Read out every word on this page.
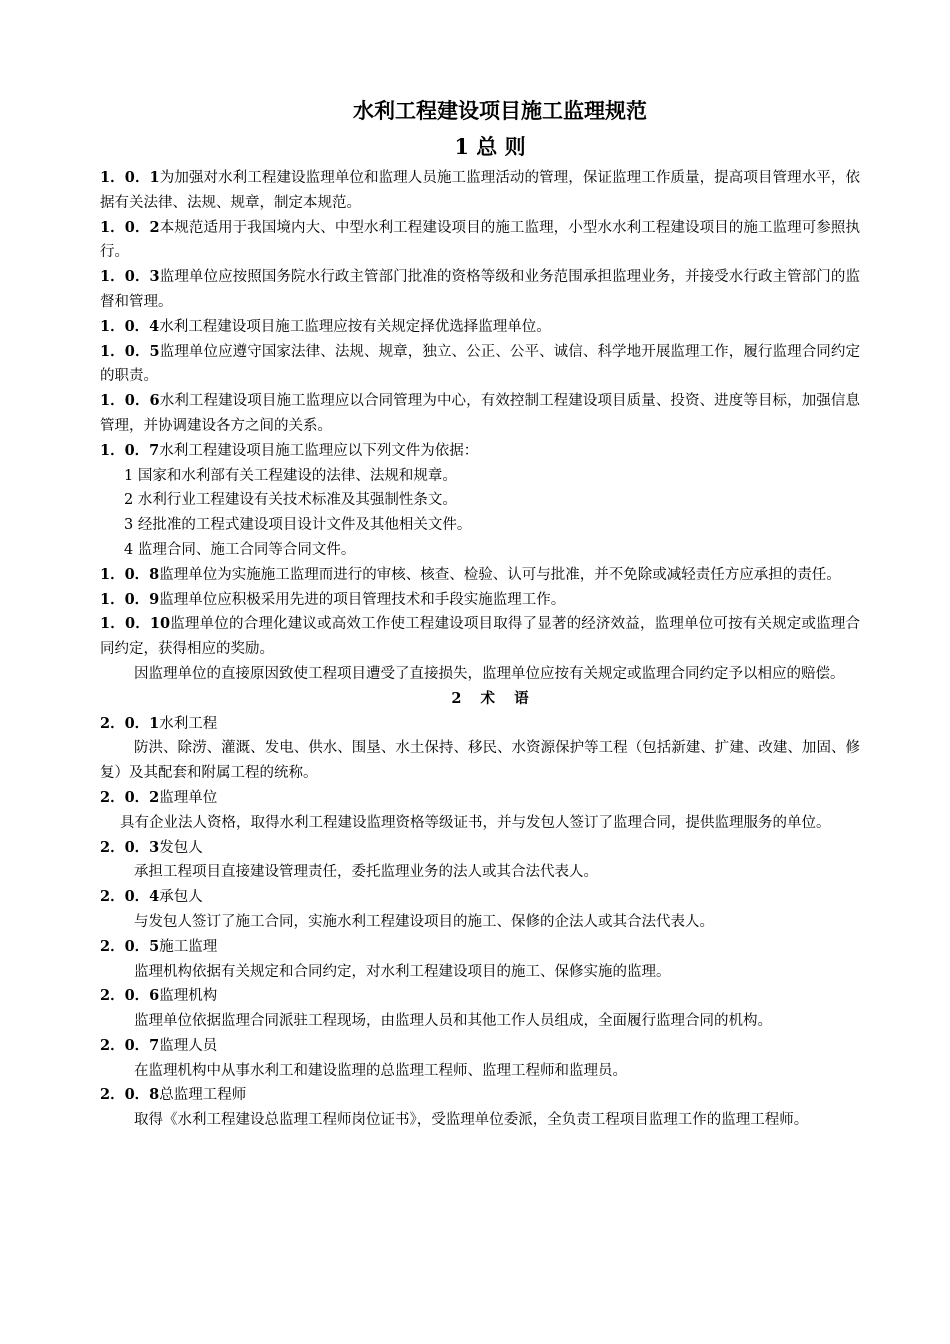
水利工程建设项目施工监理规范
1 总 则

1．0．1为加强对水利工程建设监理单位和监理人员施工监理活动的管理，保证监理工作质量，提高项目管理水平，依据有关法律、法规、规章，制定本规范。

1．0．2本规范适用于我国境内大、中型水利工程建设项目的施工监理，小型水水利工程建设项目的施工监理可参照执行。

1．0．3监理单位应按照国务院水行政主管部门批准的资格等级和业务范围承担监理业务，并接受水行政主管部门的监督和管理。

1．0．4水利工程建设项目施工监理应按有关规定择优选择监理单位。

1．0．5监理单位应遵守国家法律、法规、规章，独立、公正、公平、诚信、科学地开展监理工作，履行监理合同约定的职责。

1．0．6水利工程建设项目施工监理应以合同管理为中心，有效控制工程建设项目质量、投资、进度等目标，加强信息管理，并协调建设各方之间的关系。

1．0．7水利工程建设项目施工监理应以下列文件为依据：

1 国家和水利部有关工程建设的法律、法规和规章。

2 水利行业工程建设有关技术标准及其强制性条文。

3 经批准的工程式建设项目设计文件及其他相关文件。

4 监理合同、施工合同等合同文件。

1．0．8监理单位为实施施工监理而进行的审核、核查、检验、认可与批准，并不免除或减轻责任方应承担的责任。

1．0．9监理单位应积极采用先进的项目管理技术和手段实施监理工作。

1．0．10监理单位的合理化建议或高效工作使工程建设项目取得了显著的经济效益，监理单位可按有关规定或监理合同约定，获得相应的奖励。

因监理单位的直接原因致使工程项目遭受了直接损失，监理单位应按有关规定或监理合同约定予以相应的赔偿。

2 术 语

2．0．1水利工程

防洪、除涝、灌溉、发电、供水、围垦、水土保持、移民、水资源保护等工程（包括新建、扩建、改建、加固、修复）及其配套和附属工程的统称。

2．0．2监理单位

具有企业法人资格，取得水利工程建设监理资格等级证书，并与发包人签订了监理合同，提供监理服务的单位。

2．0．3发包人

承担工程项目直接建设管理责任，委托监理业务的法人或其合法代表人。

2．0．4承包人

与发包人签订了施工合同，实施水利工程建设项目的施工、保修的企法人或其合法代表人。

2．0．5施工监理

监理机构依据有关规定和合同约定，对水利工程建设项目的施工、保修实施的监理。

2．0．6监理机构

监理单位依据监理合同派驻工程现场，由监理人员和其他工作人员组成，全面履行监理合同的机构。

2．0．7监理人员

在监理机构中从事水利工和建设监理的总监理工程师、监理工程师和监理员。

2．0．8总监理工程师

取得《水利工程建设总监理工程师岗位证书》，受监理单位委派，全负责工程项目监理工作的监理工程师。
